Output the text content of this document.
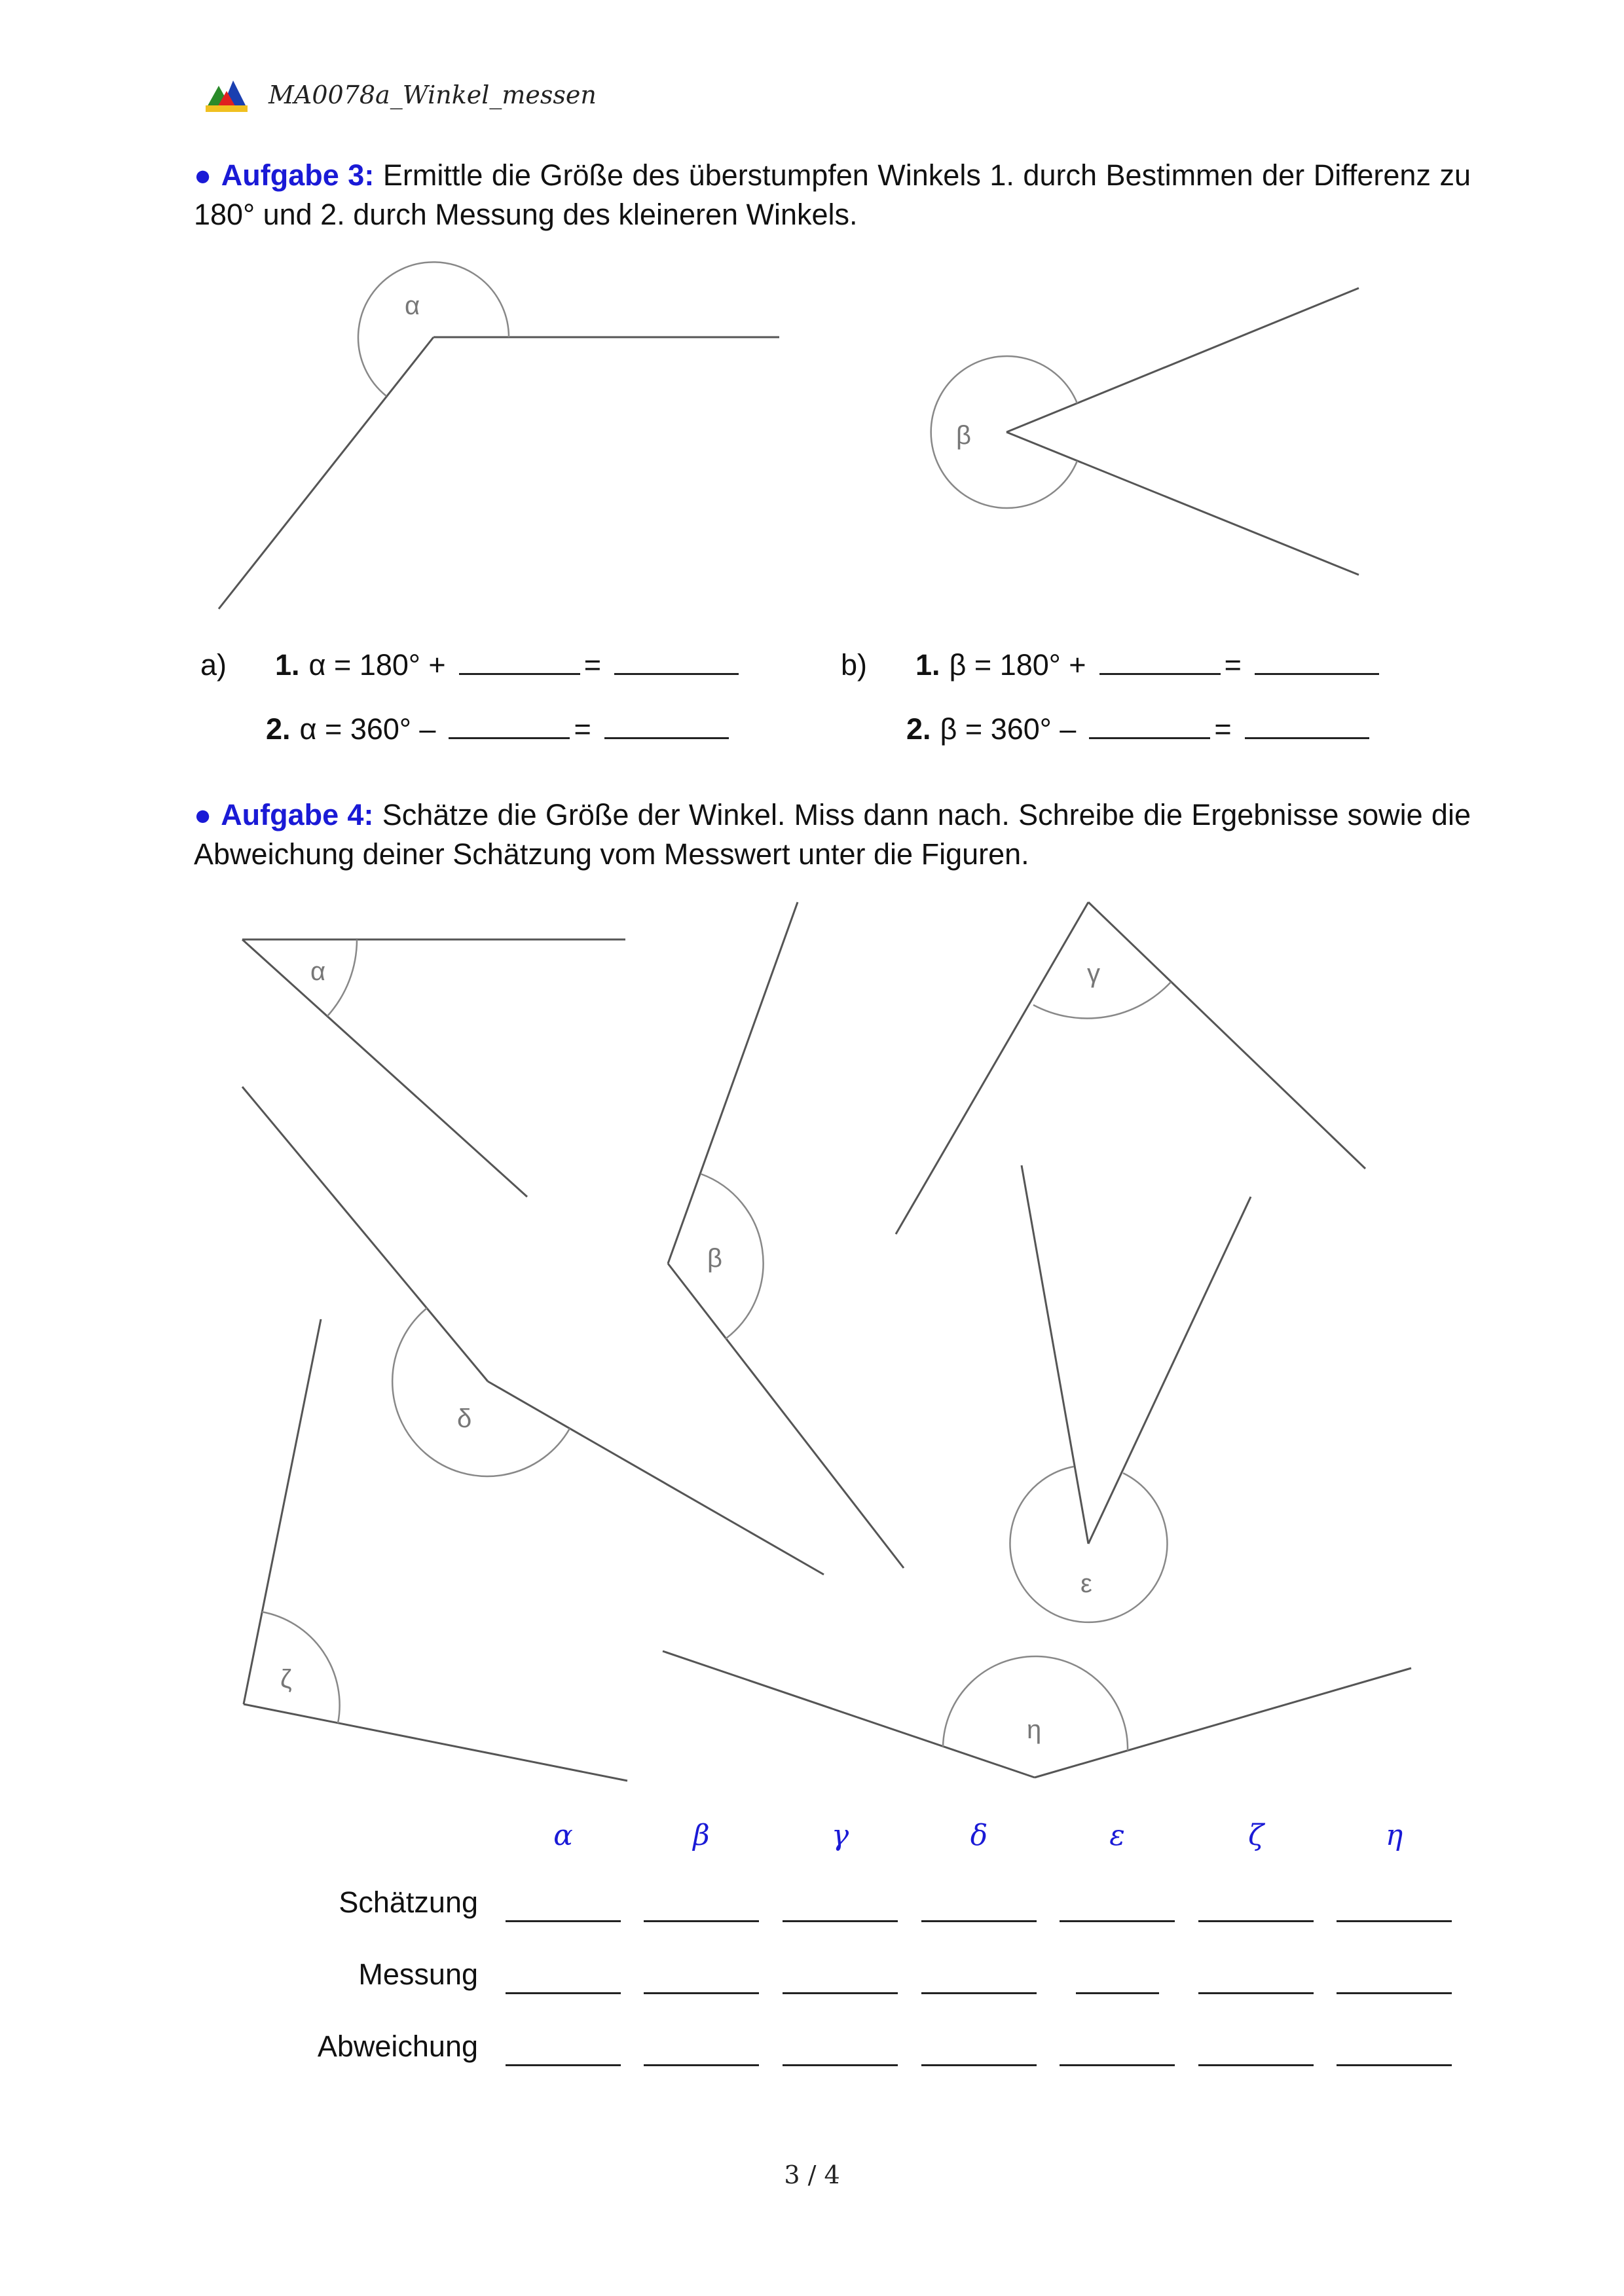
MA0078a_Winkel_messen
● Aufgabe 3: Ermittle die Größe des überstumpfen Winkels 1. durch Bestimmen der Differenz zu 180° und 2. durch Messung des kleineren Winkels.
α
β
α
β
γ
δ
ε
ζ
η
a)	1. α = 180° +	=
2. α = 360° –	=
b)	1. β = 180° +	=
2. β = 360° –	=
● Aufgabe 4: Schätze die Größe der Winkel. Miss dann nach. Schreibe die Ergebnisse sowie die Abweichung deiner Schätzung vom Messwert unter die Figuren.
α	β	γ	δ	ε	ζ	η
Schätzung
Messung
Abweichung
3 / 4
